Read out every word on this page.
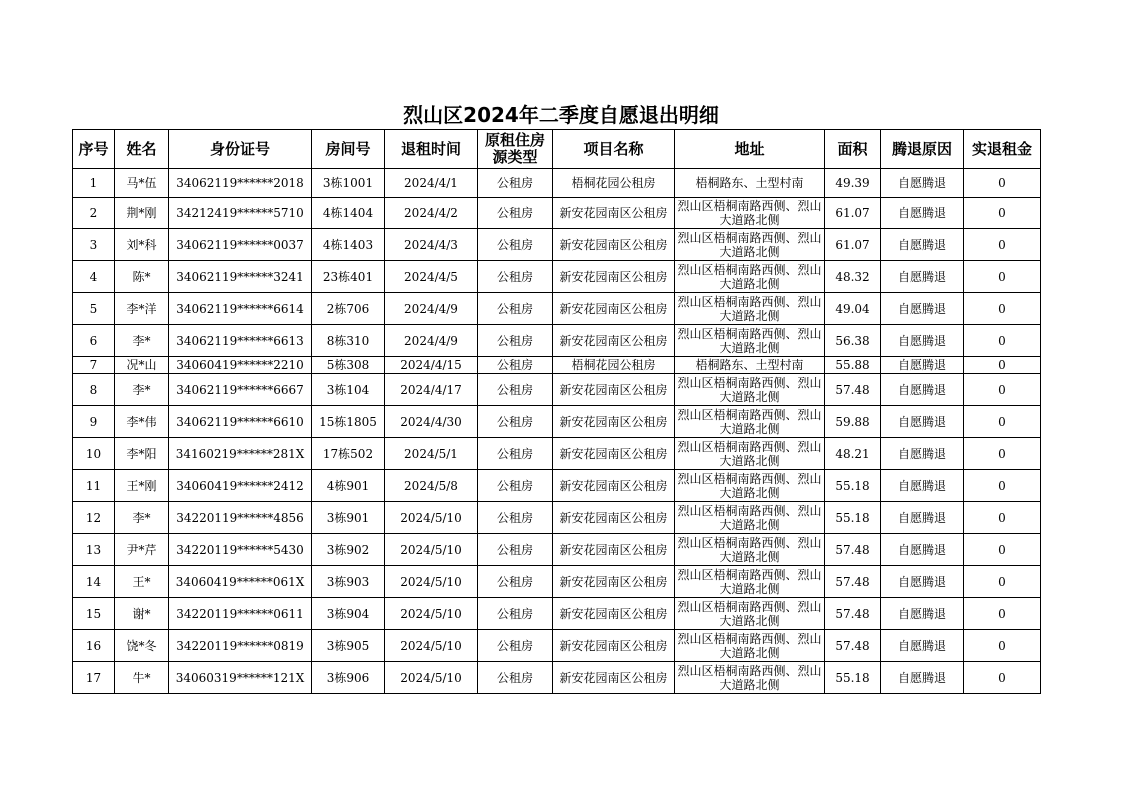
烈山区2024年二季度自愿退出明细
序号	姓名	身份证号	房间号	退租时间	原租住房源类型	项目名称	地址	面积	腾退原因	实退租金
1	马*伍	34062119******2018	3栋1001	2024/4/1	公租房	梧桐花园公租房	梧桐路东、土型村南	49.39	自愿腾退	0
2	荆*刚	34212419******5710	4栋1404	2024/4/2	公租房	新安花园南区公租房	烈山区梧桐南路西侧、烈山大道路北侧	61.07	自愿腾退	0
3	刘*科	34062119******0037	4栋1403	2024/4/3	公租房	新安花园南区公租房	烈山区梧桐南路西侧、烈山大道路北侧	61.07	自愿腾退	0
4	陈*	34062119******3241	23栋401	2024/4/5	公租房	新安花园南区公租房	烈山区梧桐南路西侧、烈山大道路北侧	48.32	自愿腾退	0
5	李*洋	34062119******6614	2栋706	2024/4/9	公租房	新安花园南区公租房	烈山区梧桐南路西侧、烈山大道路北侧	49.04	自愿腾退	0
6	李*	34062119******6613	8栋310	2024/4/9	公租房	新安花园南区公租房	烈山区梧桐南路西侧、烈山大道路北侧	56.38	自愿腾退	0
7	况*山	34060419******2210	5栋308	2024/4/15	公租房	梧桐花园公租房	梧桐路东、土型村南	55.88	自愿腾退	0
8	李*	34062119******6667	3栋104	2024/4/17	公租房	新安花园南区公租房	烈山区梧桐南路西侧、烈山大道路北侧	57.48	自愿腾退	0
9	李*伟	34062119******6610	15栋1805	2024/4/30	公租房	新安花园南区公租房	烈山区梧桐南路西侧、烈山大道路北侧	59.88	自愿腾退	0
10	李*阳	34160219******281X	17栋502	2024/5/1	公租房	新安花园南区公租房	烈山区梧桐南路西侧、烈山大道路北侧	48.21	自愿腾退	0
11	王*刚	34060419******2412	4栋901	2024/5/8	公租房	新安花园南区公租房	烈山区梧桐南路西侧、烈山大道路北侧	55.18	自愿腾退	0
12	李*	34220119******4856	3栋901	2024/5/10	公租房	新安花园南区公租房	烈山区梧桐南路西侧、烈山大道路北侧	55.18	自愿腾退	0
13	尹*芹	34220119******5430	3栋902	2024/5/10	公租房	新安花园南区公租房	烈山区梧桐南路西侧、烈山大道路北侧	57.48	自愿腾退	0
14	王*	34060419******061X	3栋903	2024/5/10	公租房	新安花园南区公租房	烈山区梧桐南路西侧、烈山大道路北侧	57.48	自愿腾退	0
15	谢*	34220119******0611	3栋904	2024/5/10	公租房	新安花园南区公租房	烈山区梧桐南路西侧、烈山大道路北侧	57.48	自愿腾退	0
16	饶*冬	34220119******0819	3栋905	2024/5/10	公租房	新安花园南区公租房	烈山区梧桐南路西侧、烈山大道路北侧	57.48	自愿腾退	0
17	牛*	34060319******121X	3栋906	2024/5/10	公租房	新安花园南区公租房	烈山区梧桐南路西侧、烈山大道路北侧	55.18	自愿腾退	0
